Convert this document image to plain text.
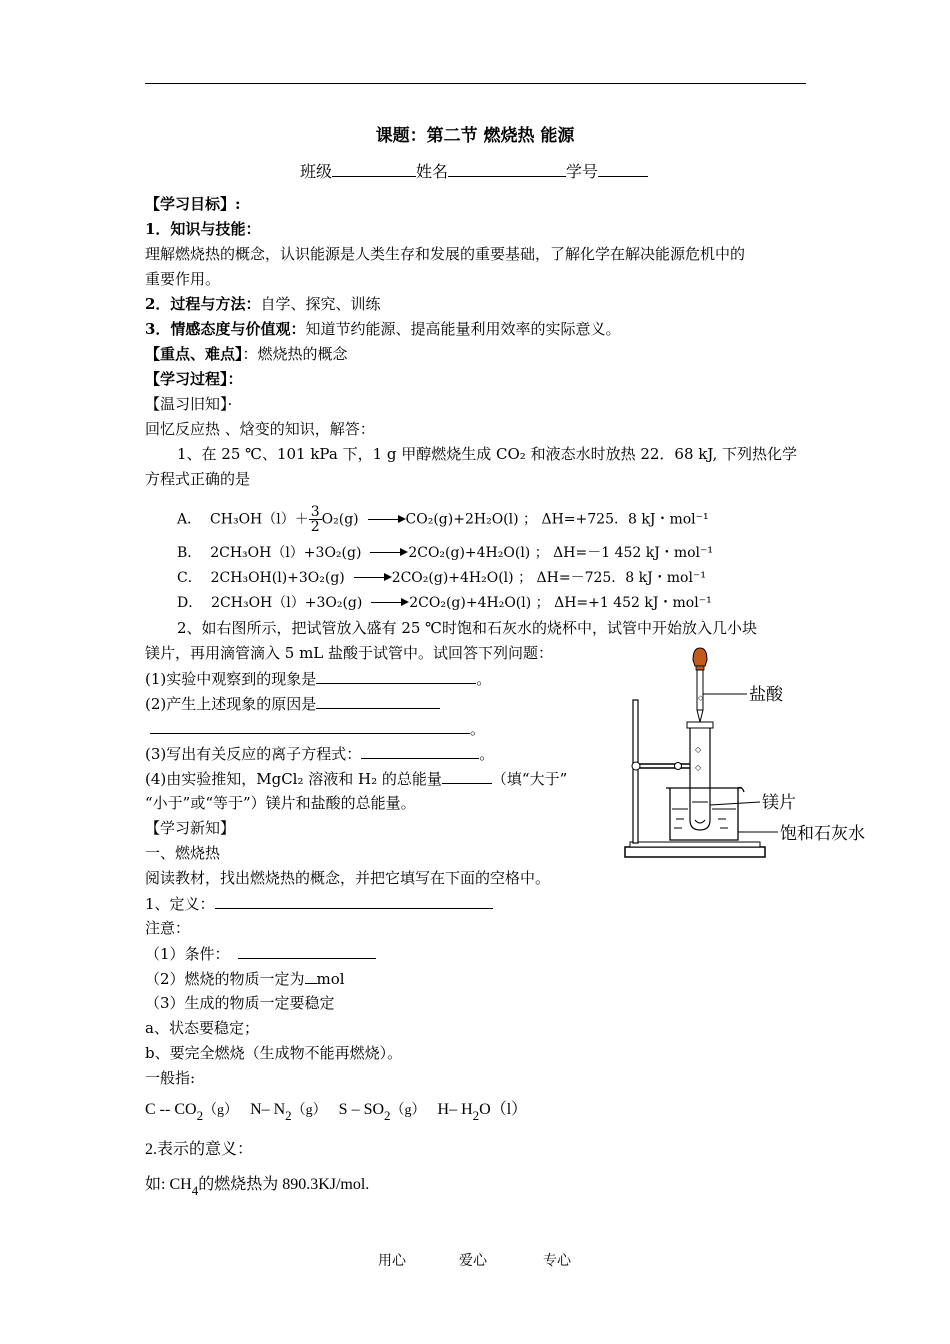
课题：第二节 燃烧热 能源
班级	姓名	学号
【学习目标】:
1．知识与技能：
理解燃烧热的概念，认识能源是人类生存和发展的重要基础，了解化学在解决能源危机中的
重要作用。
2．过程与方法：自学、探究、训练
3．情感态度与价值观：知道节约能源、提高能量利用效率的实际意义。
【重点、难点】：燃烧热的概念
【学习过程】：
【温习旧知】·
回忆反应热 、焓变的知识，解答：
1、在 25 ℃、101 kPa 下，1 g 甲醇燃烧生成 CO₂ 和液态水时放热 22．68 kJ, 下列热化学
方程式正确的是
A． $CH_3OH(l)+ \frac{3}{2} O_2(g)$	CO₂(g)+2H₂O(l) ； ΔH=+725．8 kJ・mol⁻¹
B． 2CH₃OH（l）+3O₂(g)	2CO₂(g)+4H₂O(l) ； ΔH=－1 452 kJ・mol⁻¹
C． 2CH₃OH(l)+3O₂(g)	2CO₂(g)+4H₂O(l) ； ΔH=－725．8 kJ・mol⁻¹
D． 2CH₃OH（l）+3O₂(g)	2CO₂(g)+4H₂O(l) ； ΔH=+1 452 kJ・mol⁻¹
2、如右图所示，把试管放入盛有 25 ℃时饱和石灰水的烧杯中，试管中开始放入几小块
镁片，再用滴管滴入 5 mL 盐酸于试管中。试回答下列问题：
(1)实验中观察到的现象是	。
(2)产生上述现象的原因是
。
(3)写出有关反应的离子方程式：	。
(4)由实验推知，MgCl₂ 溶液和 H₂ 的总能量	（填“大于”
“小于”或“等于”）镁片和盐酸的总能量。
◇
◇
◇
盐酸
镁片
饱和石灰水
【学习新知】
一、燃烧热
阅读教材，找出燃烧热的概念，并把它填写在下面的空格中。
1、定义：
注意：
（1）条件：
（2）燃烧的物质一定为 mol
（3）生成的物质一定要稳定
a、状态要稳定；
b、要完全燃烧（生成物不能再燃烧）。
一般指:
C -- $CO_2(g)$ N– $N_2(g)$ S – $SO_2(g)$ H– $H_2O(l)$
2.表示的意义：
如: $CH_4$的燃烧热为 890.3KJ/mol.
用心	爱心	专心
